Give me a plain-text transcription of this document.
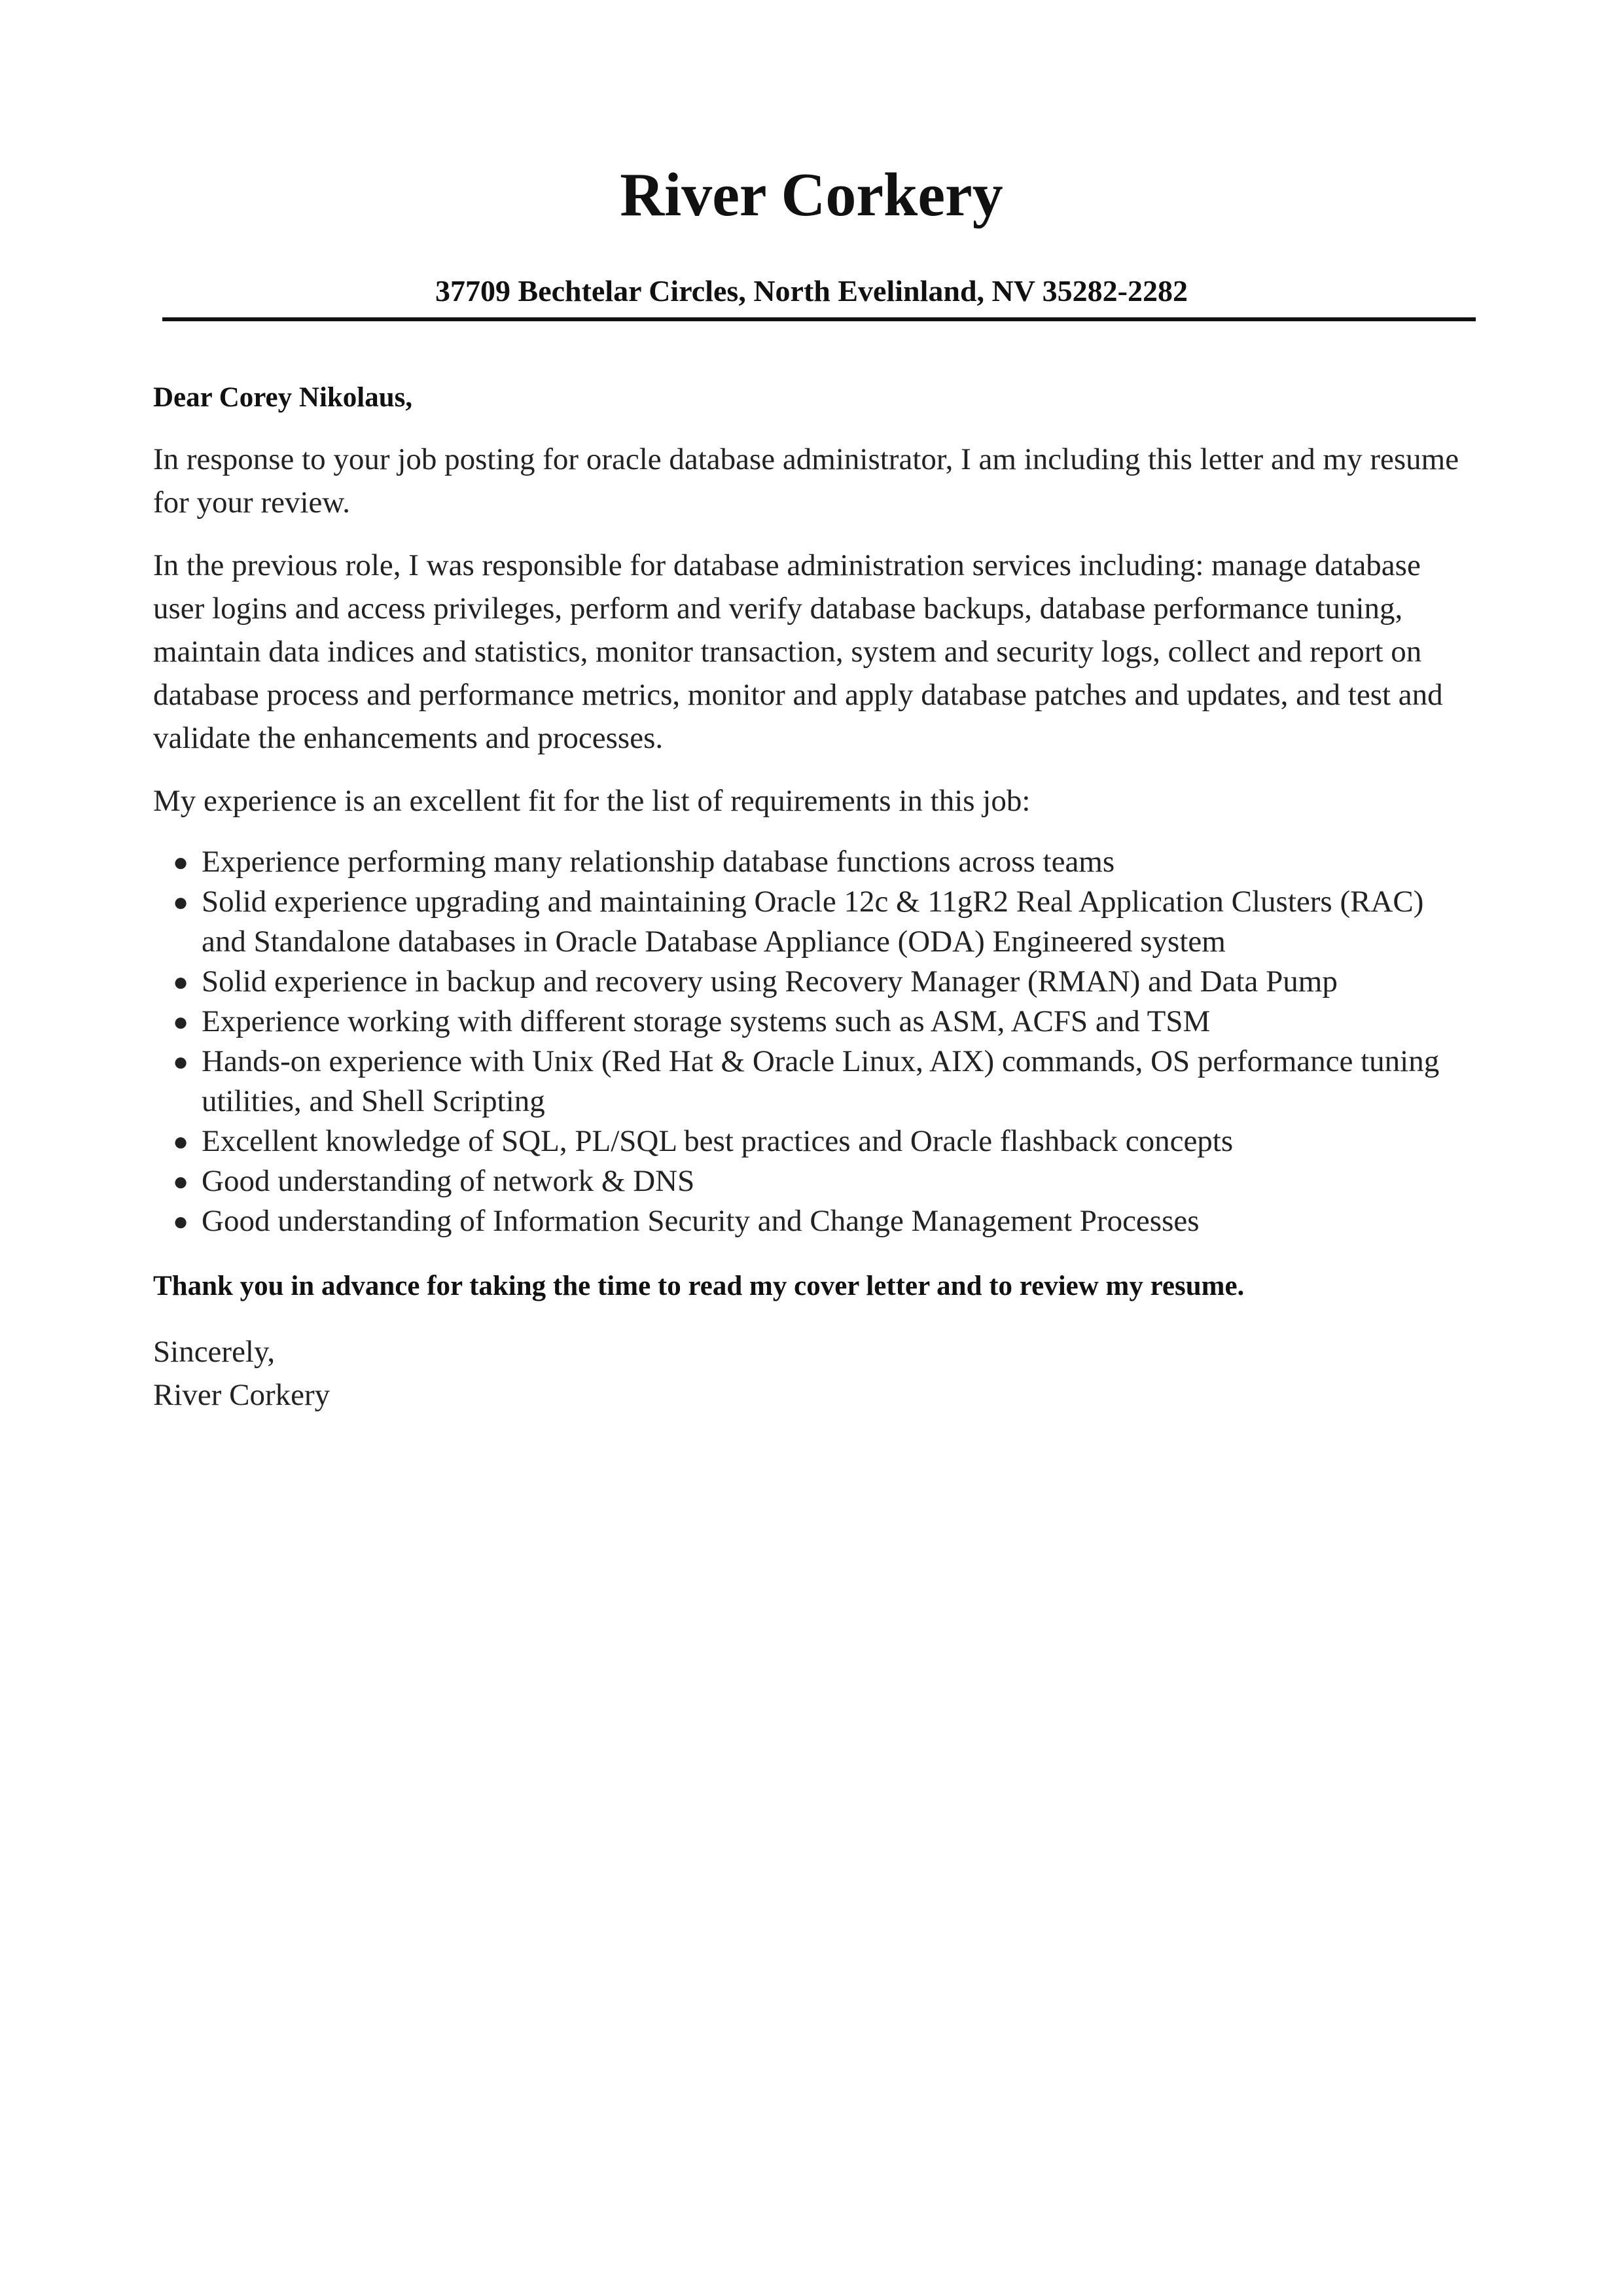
River Corkery
37709 Bechtelar Circles, North Evelinland, NV 35282-2282

Dear Corey Nikolaus,

In response to your job posting for oracle database administrator, I am including this letter and my resume for your review.

In the previous role, I was responsible for database administration services including: manage database user logins and access privileges, perform and verify database backups, database performance tuning, maintain data indices and statistics, monitor transaction, system and security logs, collect and report on database process and performance metrics, monitor and apply database patches and updates, and test and validate the enhancements and processes.

My experience is an excellent fit for the list of requirements in this job:

● Experience performing many relationship database functions across teams
● Solid experience upgrading and maintaining Oracle 12c & 11gR2 Real Application Clusters (RAC) and Standalone databases in Oracle Database Appliance (ODA) Engineered system
● Solid experience in backup and recovery using Recovery Manager (RMAN) and Data Pump
● Experience working with different storage systems such as ASM, ACFS and TSM
● Hands-on experience with Unix (Red Hat & Oracle Linux, AIX) commands, OS performance tuning utilities, and Shell Scripting
● Excellent knowledge of SQL, PL/SQL best practices and Oracle flashback concepts
● Good understanding of network & DNS
● Good understanding of Information Security and Change Management Processes

Thank you in advance for taking the time to read my cover letter and to review my resume.

Sincerely,

River Corkery
